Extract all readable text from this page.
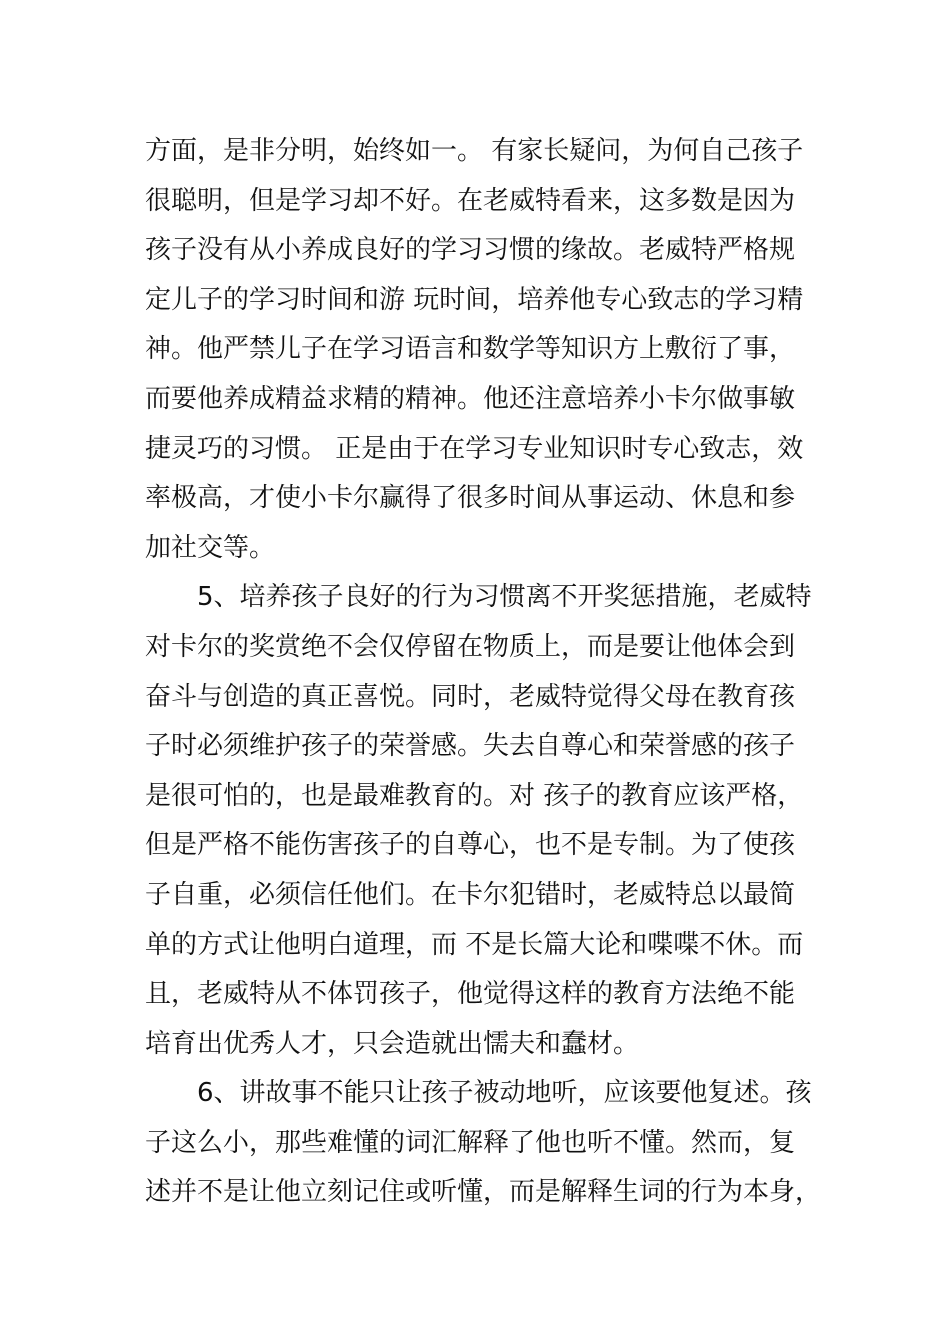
方面，是非分明，始终如一。 有家长疑问，为何自己孩子
很聪明，但是学习却不好。在老威特看来，这多数是因为
孩子没有从小养成良好的学习习惯的缘故。老威特严格规
定儿子的学习时间和游 玩时间，培养他专心致志的学习精
神。他严禁儿子在学习语言和数学等知识方上敷衍了事，
而要他养成精益求精的精神。他还注意培养小卡尔做事敏
捷灵巧的习惯。 正是由于在学习专业知识时专心致志，效
率极高，才使小卡尔赢得了很多时间从事运动、休息和参
加社交等。
5、培养孩子良好的行为习惯离不开奖惩措施，老威特
对卡尔的奖赏绝不会仅停留在物质上，而是要让他体会到
奋斗与创造的真正喜悦。同时，老威特觉得父母在教育孩
子时必须维护孩子的荣誉感。失去自尊心和荣誉感的孩子
是很可怕的，也是最难教育的。对 孩子的教育应该严格，
但是严格不能伤害孩子的自尊心，也不是专制。为了使孩
子自重，必须信任他们。在卡尔犯错时，老威特总以最简
单的方式让他明白道理，而 不是长篇大论和喋喋不休。而
且，老威特从不体罚孩子，他觉得这样的教育方法绝不能
培育出优秀人才，只会造就出懦夫和蠢材。
6、讲故事不能只让孩子被动地听，应该要他复述。孩
子这么小，那些难懂的词汇解释了他也听不懂。然而，复
述并不是让他立刻记住或听懂，而是解释生词的行为本身，
